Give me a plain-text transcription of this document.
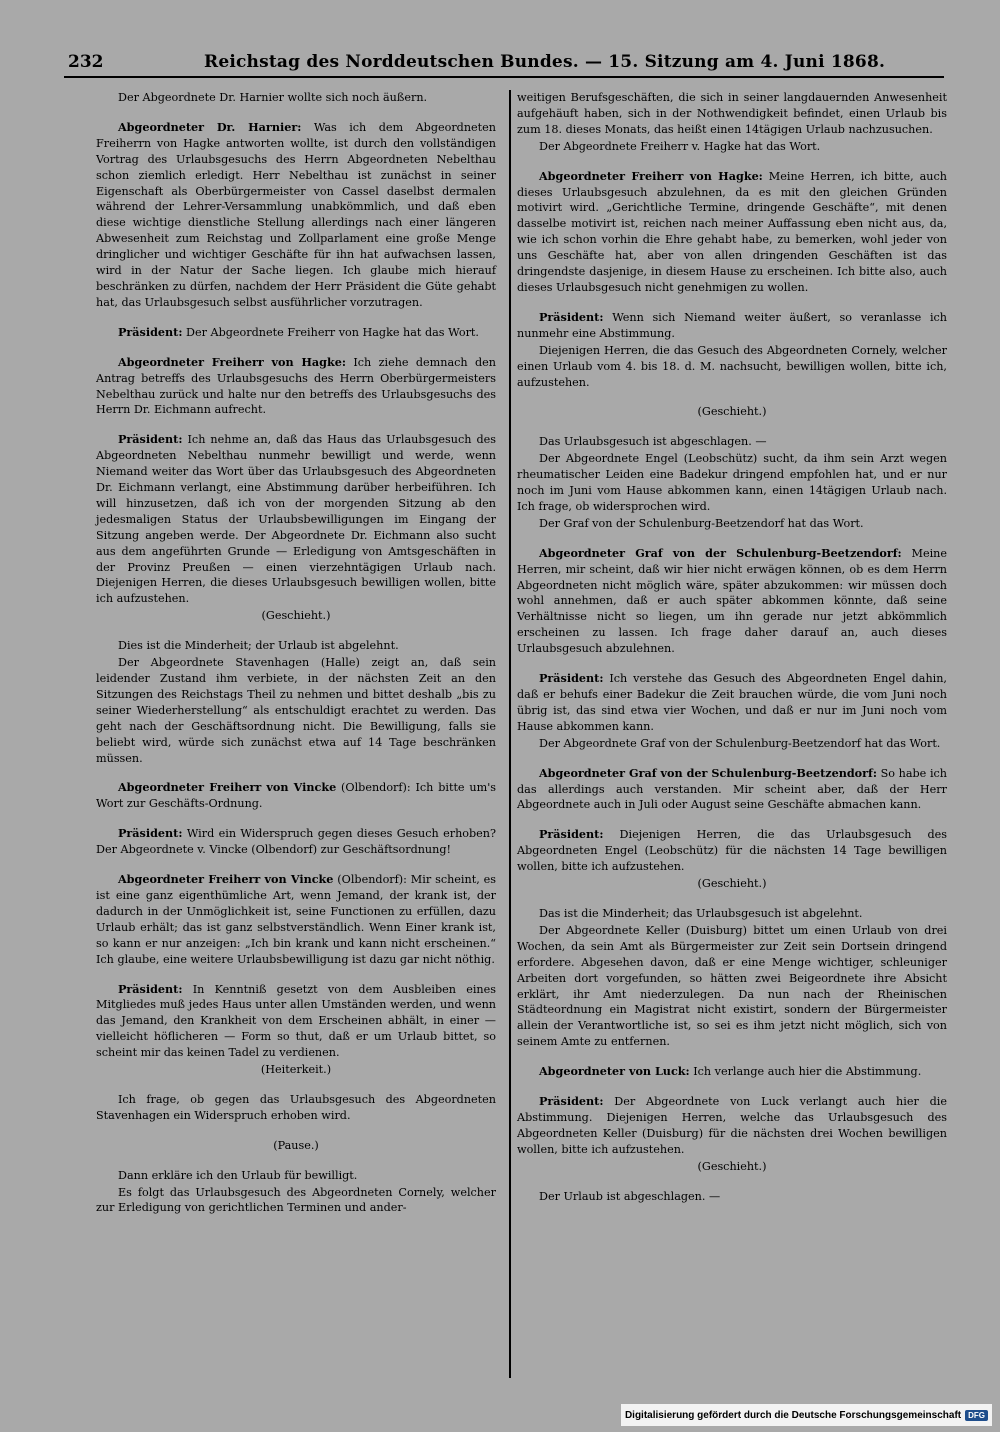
232	Reichstag des Norddeutschen Bundes. — 15. Sitzung am 4. Juni 1868.

Der Abgeordnete Dr. Harnier wollte sich noch äußern.

Abgeordneter Dr. Harnier: Was ich dem Abgeordneten Freiherrn von Hagke antworten wollte, ist durch den vollständigen Vortrag des Urlaubsgesuchs des Herrn Abgeordneten Nebelthau schon ziemlich erledigt. Herr Nebelthau ist zunächst in seiner Eigenschaft als Oberbürgermeister von Cassel daselbst dermalen während der Lehrer-Versammlung unabkömmlich, und daß eben diese wichtige dienstliche Stellung allerdings nach einer längeren Abwesenheit zum Reichstag und Zollparlament eine große Menge dringlicher und wichtiger Geschäfte für ihn hat aufwachsen lassen, wird in der Natur der Sache liegen. Ich glaube mich hierauf beschränken zu dürfen, nachdem der Herr Präsident die Güte gehabt hat, das Urlaubsgesuch selbst ausführlicher vorzutragen.

Präsident: Der Abgeordnete Freiherr von Hagke hat das Wort.

Abgeordneter Freiherr von Hagke: Ich ziehe demnach den Antrag betreffs des Urlaubsgesuchs des Herrn Oberbürgermeisters Nebelthau zurück und halte nur den betreffs des Urlaubsgesuchs des Herrn Dr. Eichmann aufrecht.

Präsident: Ich nehme an, daß das Haus das Urlaubsgesuch des Abgeordneten Nebelthau nunmehr bewilligt und werde, wenn Niemand weiter das Wort über das Urlaubsgesuch des Abgeordneten Dr. Eichmann verlangt, eine Abstimmung darüber herbeiführen. Ich will hinzusetzen, daß ich von der morgenden Sitzung ab den jedesmaligen Status der Urlaubsbewilligungen im Eingang der Sitzung angeben werde. Der Abgeordnete Dr. Eichmann also sucht aus dem angeführten Grunde — Erledigung von Amtsgeschäften in der Provinz Preußen — einen vierzehntägigen Urlaub nach. Diejenigen Herren, die dieses Urlaubsgesuch bewilligen wollen, bitte ich aufzustehen.

(Geschieht.)

Dies ist die Minderheit; der Urlaub ist abgelehnt.

Der Abgeordnete Stavenhagen (Halle) zeigt an, daß sein leidender Zustand ihm verbiete, in der nächsten Zeit an den Sitzungen des Reichstags Theil zu nehmen und bittet deshalb „bis zu seiner Wiederherstellung“ als entschuldigt erachtet zu werden. Das geht nach der Geschäftsordnung nicht. Die Bewilligung, falls sie beliebt wird, würde sich zunächst etwa auf 14 Tage beschränken müssen.

Abgeordneter Freiherr von Vincke (Olbendorf): Ich bitte um's Wort zur Geschäfts-Ordnung.

Präsident: Wird ein Widerspruch gegen dieses Gesuch erhoben? Der Abgeordnete v. Vincke (Olbendorf) zur Geschäftsordnung!

Abgeordneter Freiherr von Vincke (Olbendorf): Mir scheint, es ist eine ganz eigenthümliche Art, wenn Jemand, der krank ist, der dadurch in der Unmöglichkeit ist, seine Functionen zu erfüllen, dazu Urlaub erhält; das ist ganz selbstverständlich. Wenn Einer krank ist, so kann er nur anzeigen: „Ich bin krank und kann nicht erscheinen.“ Ich glaube, eine weitere Urlaubsbewilligung ist dazu gar nicht nöthig.

Präsident: In Kenntniß gesetzt von dem Ausbleiben eines Mitgliedes muß jedes Haus unter allen Umständen werden, und wenn das Jemand, den Krankheit von dem Erscheinen abhält, in einer — vielleicht höflicheren — Form so thut, daß er um Urlaub bittet, so scheint mir das keinen Tadel zu verdienen.

(Heiterkeit.)

Ich frage, ob gegen das Urlaubsgesuch des Abgeordneten Stavenhagen ein Widerspruch erhoben wird.

(Pause.)

Dann erkläre ich den Urlaub für bewilligt.

Es folgt das Urlaubsgesuch des Abgeordneten Cornely, welcher zur Erledigung von gerichtlichen Terminen und ander-

weitigen Berufsgeschäften, die sich in seiner langdauernden Anwesenheit aufgehäuft haben, sich in der Nothwendigkeit befindet, einen Urlaub bis zum 18. dieses Monats, das heißt einen 14tägigen Urlaub nachzusuchen.

Der Abgeordnete Freiherr v. Hagke hat das Wort.

Abgeordneter Freiherr von Hagke: Meine Herren, ich bitte, auch dieses Urlaubsgesuch abzulehnen, da es mit den gleichen Gründen motivirt wird. „Gerichtliche Termine, dringende Geschäfte“, mit denen dasselbe motivirt ist, reichen nach meiner Auffassung eben nicht aus, da, wie ich schon vorhin die Ehre gehabt habe, zu bemerken, wohl jeder von uns Geschäfte hat, aber von allen dringenden Geschäften ist das dringendste dasjenige, in diesem Hause zu erscheinen. Ich bitte also, auch dieses Urlaubsgesuch nicht genehmigen zu wollen.

Präsident: Wenn sich Niemand weiter äußert, so veranlasse ich nunmehr eine Abstimmung.

Diejenigen Herren, die das Gesuch des Abgeordneten Cornely, welcher einen Urlaub vom 4. bis 18. d. M. nachsucht, bewilligen wollen, bitte ich, aufzustehen.

(Geschieht.)

Das Urlaubsgesuch ist abgeschlagen. —

Der Abgeordnete Engel (Leobschütz) sucht, da ihm sein Arzt wegen rheumatischer Leiden eine Badekur dringend empfohlen hat, und er nur noch im Juni vom Hause abkommen kann, einen 14tägigen Urlaub nach. Ich frage, ob widersprochen wird.

Der Graf von der Schulenburg-Beetzendorf hat das Wort.

Abgeordneter Graf von der Schulenburg-Beetzendorf: Meine Herren, mir scheint, daß wir hier nicht erwägen können, ob es dem Herrn Abgeordneten nicht möglich wäre, später abzukommen: wir müssen doch wohl annehmen, daß er auch später abkommen könnte, daß seine Verhältnisse nicht so liegen, um ihn gerade nur jetzt abkömmlich erscheinen zu lassen. Ich frage daher darauf an, auch dieses Urlaubsgesuch abzulehnen.

Präsident: Ich verstehe das Gesuch des Abgeordneten Engel dahin, daß er behufs einer Badekur die Zeit brauchen würde, die vom Juni noch übrig ist, das sind etwa vier Wochen, und daß er nur im Juni noch vom Hause abkommen kann.

Der Abgeordnete Graf von der Schulenburg-Beetzendorf hat das Wort.

Abgeordneter Graf von der Schulenburg-Beetzendorf: So habe ich das allerdings auch verstanden. Mir scheint aber, daß der Herr Abgeordnete auch in Juli oder August seine Geschäfte abmachen kann.

Präsident: Diejenigen Herren, die das Urlaubsgesuch des Abgeordneten Engel (Leobschütz) für die nächsten 14 Tage bewilligen wollen, bitte ich aufzustehen.

(Geschieht.)

Das ist die Minderheit; das Urlaubsgesuch ist abgelehnt.

Der Abgeordnete Keller (Duisburg) bittet um einen Urlaub von drei Wochen, da sein Amt als Bürgermeister zur Zeit sein Dortsein dringend erfordere. Abgesehen davon, daß er eine Menge wichtiger, schleuniger Arbeiten dort vorgefunden, so hätten zwei Beigeordnete ihre Absicht erklärt, ihr Amt niederzulegen. Da nun nach der Rheinischen Städteordnung ein Magistrat nicht existirt, sondern der Bürgermeister allein der Verantwortliche ist, so sei es ihm jetzt nicht möglich, sich von seinem Amte zu entfernen.

Abgeordneter von Luck: Ich verlange auch hier die Abstimmung.

Präsident: Der Abgeordnete von Luck verlangt auch hier die Abstimmung. Diejenigen Herren, welche das Urlaubsgesuch des Abgeordneten Keller (Duisburg) für die nächsten drei Wochen bewilligen wollen, bitte ich aufzustehen.

(Geschieht.)

Der Urlaub ist abgeschlagen. —

Digitalisierung gefördert durch die Deutsche Forschungsgemeinschaft DFG
